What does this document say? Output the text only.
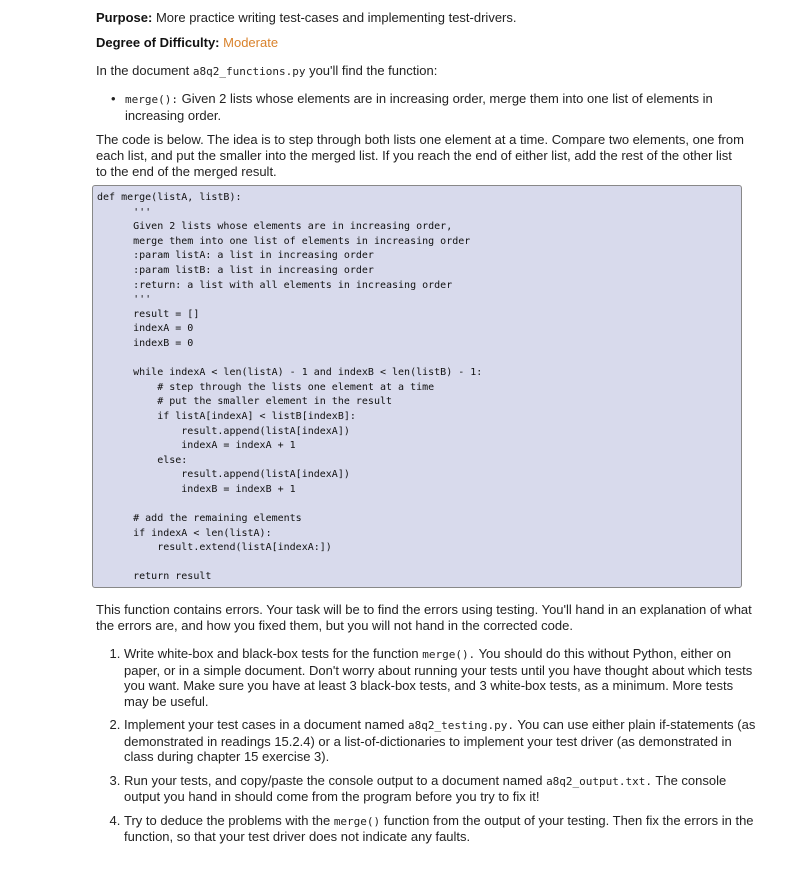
Purpose: More practice writing test-cases and implementing test-drivers.
Degree of Difficulty: Moderate
In the document a8q2_functions.py you'll find the function:
• merge(): Given 2 lists whose elements are in increasing order, merge them into one list of elements in increasing order.
The code is below. The idea is to step through both lists one element at a time. Compare two elements, one from each list, and put the smaller into the merged list. If you reach the end of either list, add the rest of the other list to the end of the merged result.
def merge(listA, listB):
'''
Given 2 lists whose elements are in increasing order,
merge them into one list of elements in increasing order
:param listA: a list in increasing order
:param listB: a list in increasing order
:return: a list with all elements in increasing order
'''
result = []
indexA = 0
indexB = 0

while indexA < len(listA) - 1 and indexB < len(listB) - 1:
# step through the lists one element at a time
# put the smaller element in the result
if listA[indexA] < listB[indexB]:
result.append(listA[indexA])
indexA = indexA + 1
else:
result.append(listA[indexA])
indexB = indexB + 1

# add the remaining elements
if indexA < len(listA):
result.extend(listA[indexA:])

return result
This function contains errors. Your task will be to find the errors using testing. You'll hand in an explanation of what the errors are, and how you fixed them, but you will not hand in the corrected code.
1. Write white-box and black-box tests for the function merge(). You should do this without Python, either on paper, or in a simple document. Don't worry about running your tests until you have thought about which tests you want. Make sure you have at least 3 black-box tests, and 3 white-box tests, as a minimum. More tests may be useful.
2. Implement your test cases in a document named a8q2_testing.py. You can use either plain if-statements (as demonstrated in readings 15.2.4) or a list-of-dictionaries to implement your test driver (as demonstrated in class during chapter 15 exercise 3).
3. Run your tests, and copy/paste the console output to a document named a8q2_output.txt. The console output you hand in should come from the program before you try to fix it!
4. Try to deduce the problems with the merge() function from the output of your testing. Then fix the errors in the function, so that your test driver does not indicate any faults.
